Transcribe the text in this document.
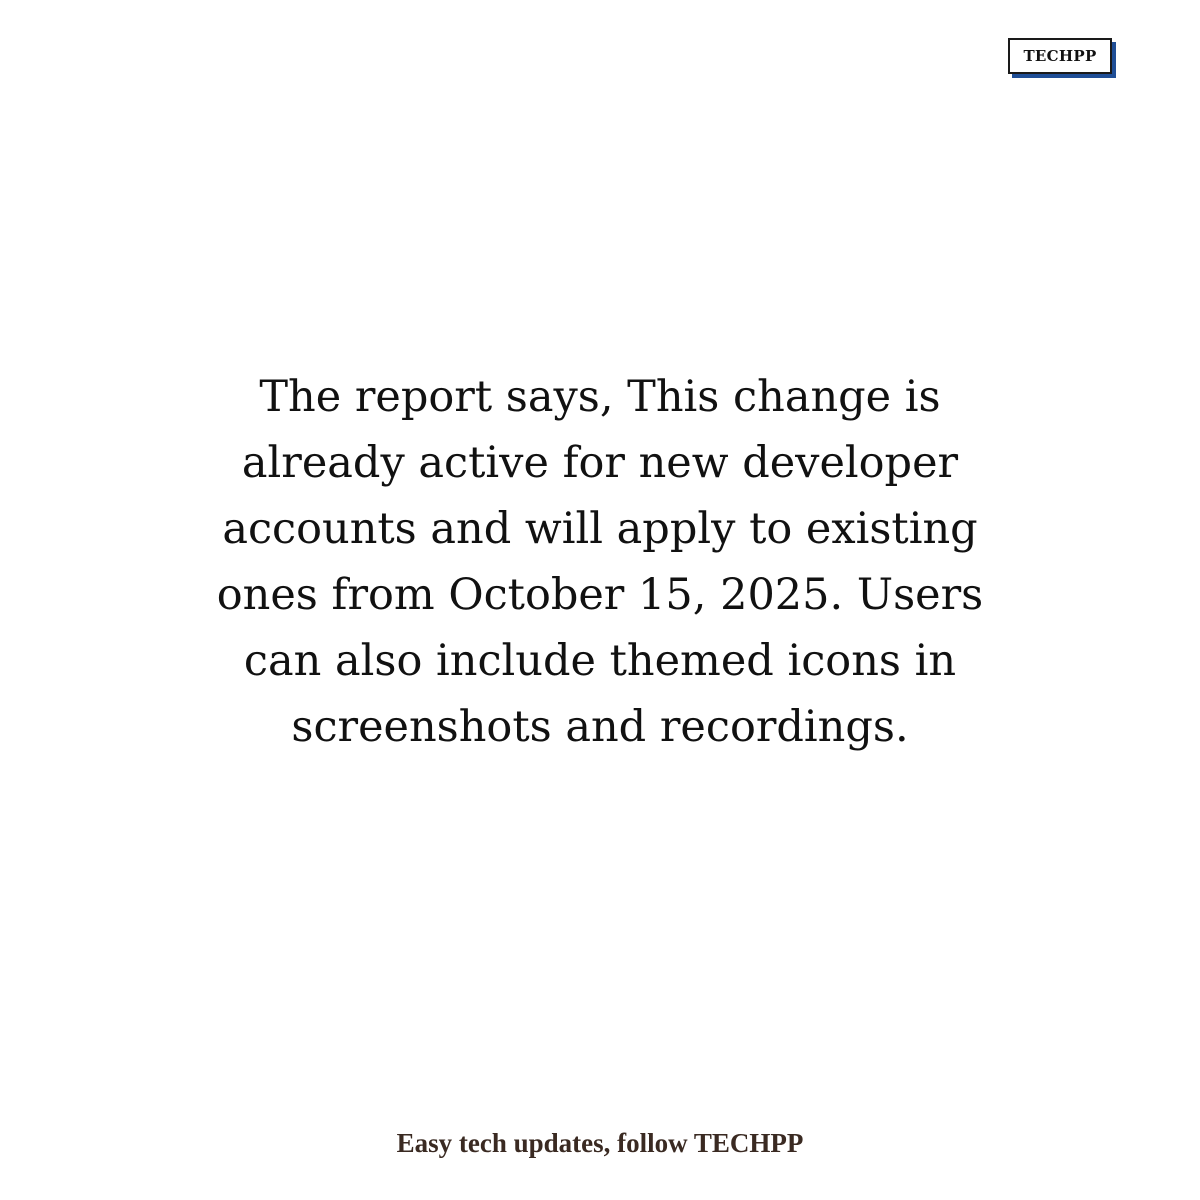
TECHPP

The report says, This change is
already active for new developer
accounts and will apply to existing
ones from October 15, 2025. Users
can also include themed icons in
screenshots and recordings.

Easy tech updates, follow TECHPP
